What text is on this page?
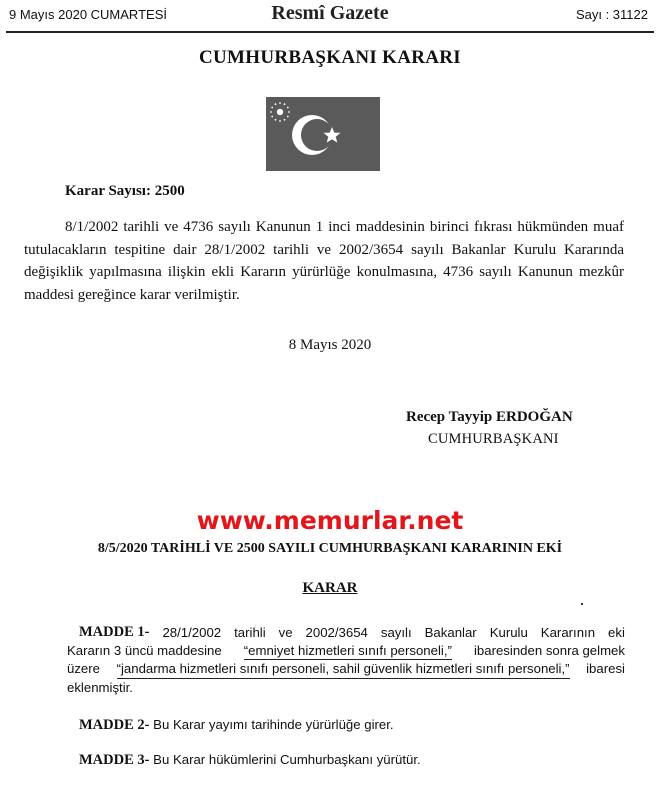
9 Mayıs 2020 CUMARTESİ	Resmî Gazete	Sayı : 31122
CUMHURBAŞKANI KARARI
Karar Sayısı: 2500
8/1/2002 tarihli ve 4736 sayılı Kanunun 1 inci maddesinin birinci fıkrası hükmünden muaf tutulacakların tespitine dair 28/1/2002 tarihli ve 2002/3654 sayılı Bakanlar Kurulu Kararında değişiklik yapılmasına ilişkin ekli Kararın yürürlüğe konulmasına, 4736 sayılı Kanunun mezkûr maddesi gereğince karar verilmiştir.
8 Mayıs 2020
Recep Tayyip ERDOĞAN
CUMHURBAŞKANI
www.memurlar.net
8/5/2020 TARİHLİ VE 2500 SAYILI CUMHURBAŞKANI KARARININ EKİ
KARAR
MADDE 1- 28/1/2002 tarihli ve 2002/3654 sayılı Bakanlar Kurulu Kararının eki
Kararın 3 üncü maddesine “emniyet hizmetleri sınıfı personeli,” ibaresinden sonra gelmek
üzere “jandarma hizmetleri sınıfı personeli, sahil güvenlik hizmetleri sınıfı personeli,” ibaresi
eklenmiştir.
MADDE 2- Bu Karar yayımı tarihinde yürürlüğe girer.
MADDE 3- Bu Karar hükümlerini Cumhurbaşkanı yürütür.
